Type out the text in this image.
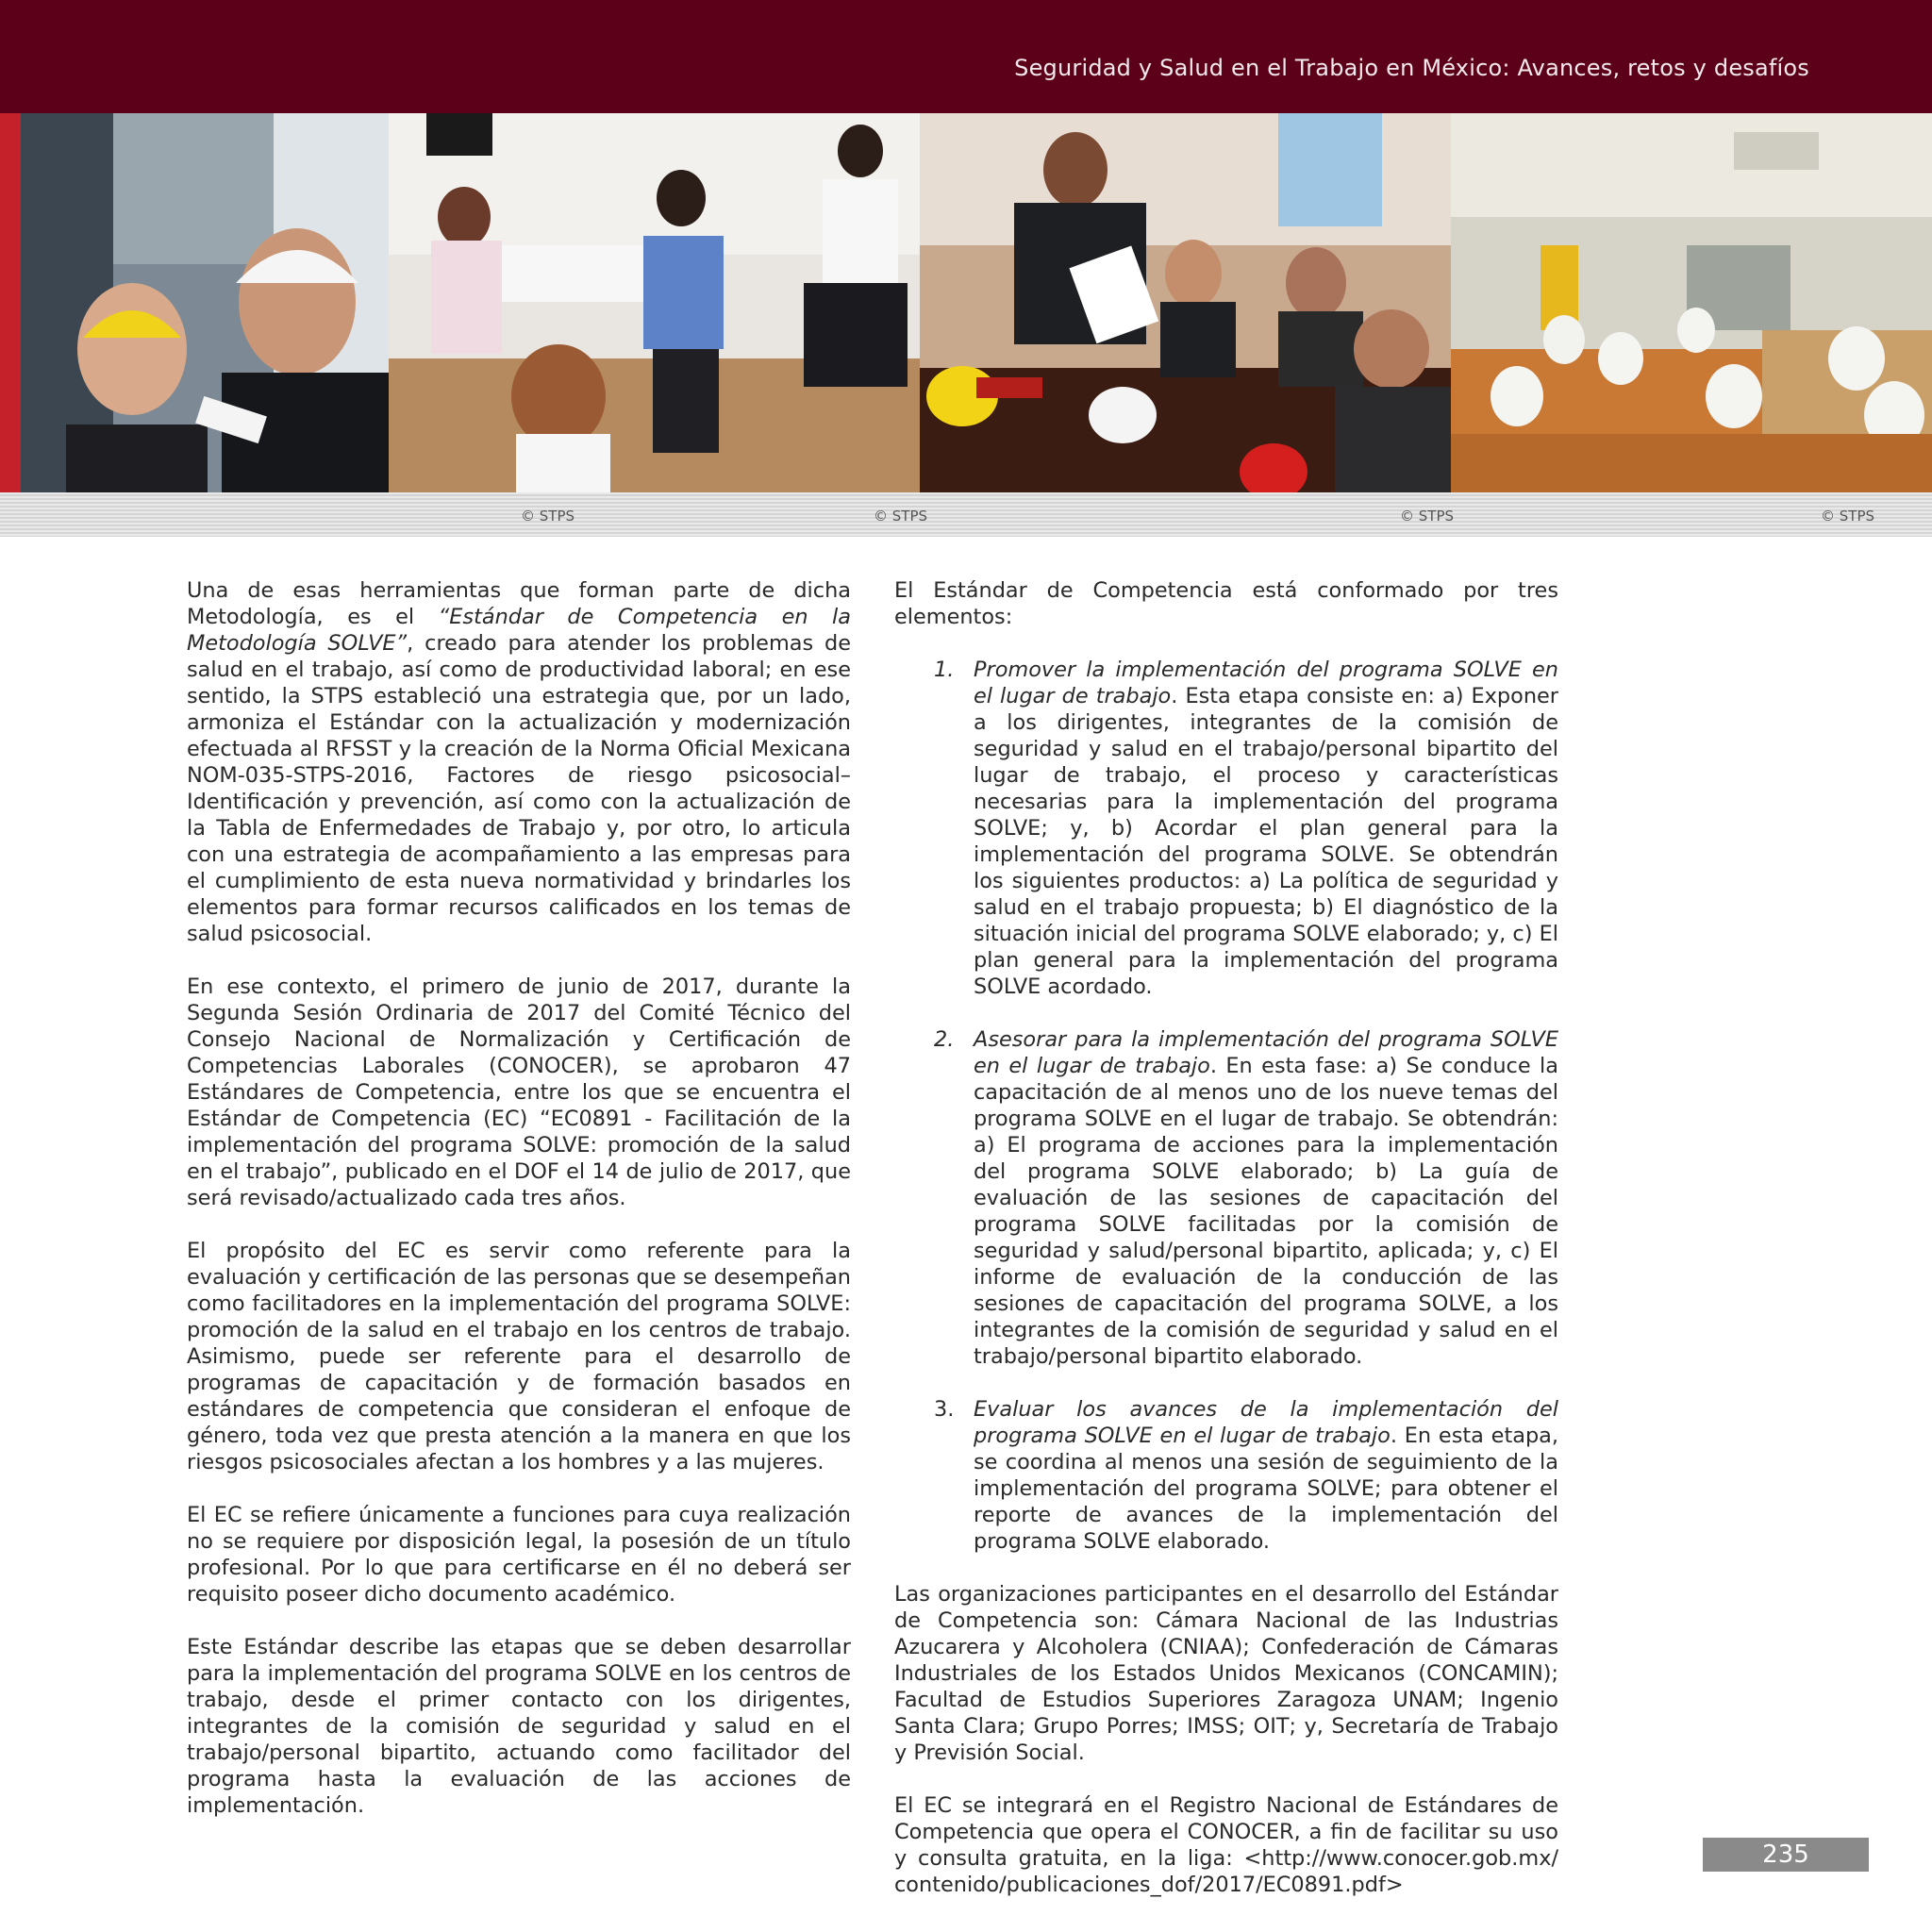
Seguridad y Salud en el Trabajo en México: Avances, retos y desafíos
© STPS	© STPS	© STPS	© STPS

Una de esas herramientas que forman parte de dicha Metodología, es el “Estándar de Competencia en la Metodología SOLVE”, creado para atender los problemas de salud en el trabajo, así como de productividad laboral; en ese sentido, la STPS estableció una estrategia que, por un lado, armoniza el Estándar con la actualización y modernización efectuada al RFSST y la creación de la Norma Oficial Mexicana NOM-035-STPS-2016, Factores de riesgo psicosocial– Identificación y prevención, así como con la actualización de la Tabla de Enfermedades de Trabajo y, por otro, lo articula con una estrategia de acompañamiento a las empresas para el cumplimiento de esta nueva normatividad y brindarles los elementos para formar recursos calificados en los temas de salud psicosocial.

En ese contexto, el primero de junio de 2017, durante la Segunda Sesión Ordinaria de 2017 del Comité Técnico del Consejo Nacional de Normalización y Certificación de Competencias Laborales (CONOCER), se aprobaron 47 Estándares de Competencia, entre los que se encuentra el Estándar de Competencia (EC) “EC0891 - Facilitación de la implementación del programa SOLVE: promoción de la salud en el trabajo”, publicado en el DOF el 14 de julio de 2017, que será revisado/actualizado cada tres años.

El propósito del EC es servir como referente para la evaluación y certificación de las personas que se desempeñan como facilitadores en la implementación del programa SOLVE: promoción de la salud en el trabajo en los centros de trabajo. Asimismo, puede ser referente para el desarrollo de programas de capacitación y de formación basados en estándares de competencia que consideran el enfoque de género, toda vez que presta atención a la manera en que los riesgos psicosociales afectan a los hombres y a las mujeres.

El EC se refiere únicamente a funciones para cuya realización no se requiere por disposición legal, la posesión de un título profesional. Por lo que para certificarse en él no deberá ser requisito poseer dicho documento académico.

Este Estándar describe las etapas que se deben desarrollar para la implementación del programa SOLVE en los centros de trabajo, desde el primer contacto con los dirigentes, integrantes de la comisión de seguridad y salud en el trabajo/personal bipartito, actuando como facilitador del programa hasta la evaluación de las acciones de implementación.

El Estándar de Competencia está conformado por tres elementos:

1. Promover la implementación del programa SOLVE en el lugar de trabajo. Esta etapa consiste en: a) Exponer a los dirigentes, integrantes de la comisión de seguridad y salud en el trabajo/personal bipartito del lugar de trabajo, el proceso y características necesarias para la implementación del programa SOLVE; y, b) Acordar el plan general para la implementación del programa SOLVE. Se obtendrán los siguientes productos: a) La política de seguridad y salud en el trabajo propuesta; b) El diagnóstico de la situación inicial del programa SOLVE elaborado; y, c) El plan general para la implementación del programa SOLVE acordado.
2. Asesorar para la implementación del programa SOLVE en el lugar de trabajo. En esta fase: a) Se conduce la capacitación de al menos uno de los nueve temas del programa SOLVE en el lugar de trabajo. Se obtendrán: a) El programa de acciones para la implementación del programa SOLVE elaborado; b) La guía de evaluación de las sesiones de capacitación del programa SOLVE facilitadas por la comisión de seguridad y salud/personal bipartito, aplicada; y, c) El informe de evaluación de la conducción de las sesiones de capacitación del programa SOLVE, a los integrantes de la comisión de seguridad y salud en el trabajo/personal bipartito elaborado.
3. Evaluar los avances de la implementación del programa SOLVE en el lugar de trabajo. En esta etapa, se coordina al menos una sesión de seguimiento de la implementación del programa SOLVE; para obtener el reporte de avances de la implementación del programa SOLVE elaborado.

Las organizaciones participantes en el desarrollo del Estándar de Competencia son: Cámara Nacional de las Industrias Azucarera y Alcoholera (CNIAA); Confederación de Cámaras Industriales de los Estados Unidos Mexicanos (CONCAMIN); Facultad de Estudios Superiores Zaragoza UNAM; Ingenio Santa Clara; Grupo Porres; IMSS; OIT; y, Secretaría de Trabajo y Previsión Social.

El EC se integrará en el Registro Nacional de Estándares de Competencia que opera el CONOCER, a fin de facilitar su uso y consulta gratuita, en la liga: <http://www.conocer.gob.mx/ contenido/publicaciones_dof/2017/EC0891.pdf>

235
